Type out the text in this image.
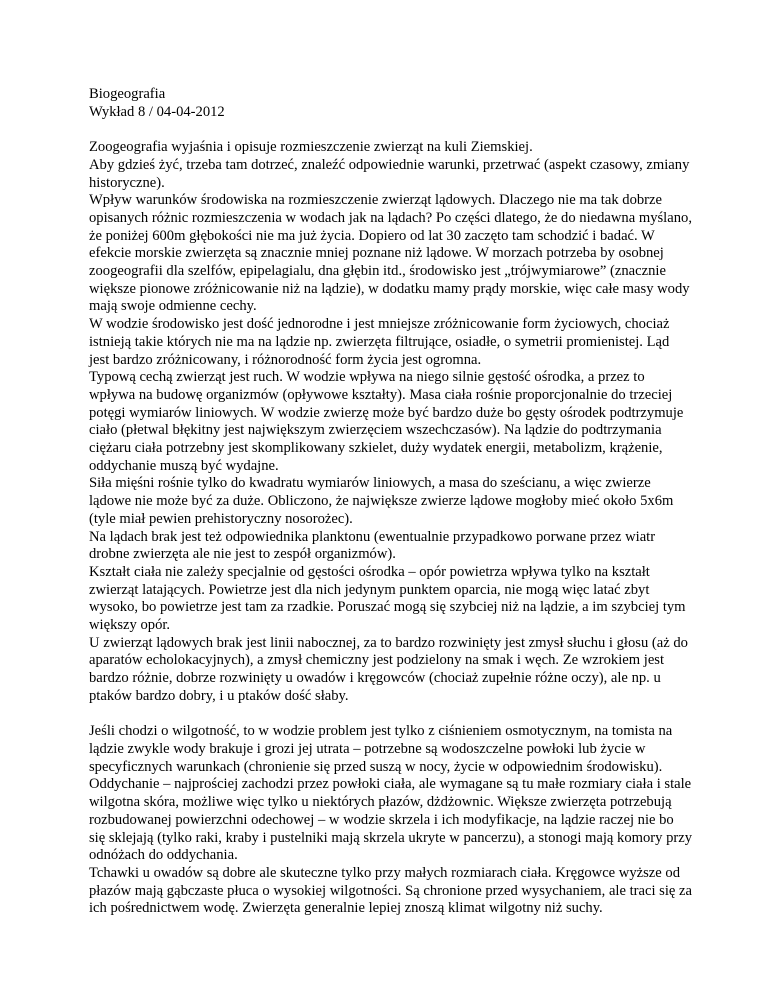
Biogeografia

Wykład 8 / 04-04-2012

Zoogeografia wyjaśnia i opisuje rozmieszczenie zwierząt na kuli Ziemskiej.

Aby gdzieś żyć, trzeba tam dotrzeć, znaleźć odpowiednie warunki, przetrwać (aspekt czasowy, zmiany historyczne).

Wpływ warunków środowiska na rozmieszczenie zwierząt lądowych. Dlaczego nie ma tak dobrze opisanych różnic rozmieszczenia w wodach jak na lądach? Po części dlatego, że do niedawna myślano, że poniżej 600m głębokości nie ma już życia. Dopiero od lat 30 zaczęto tam schodzić i badać. W efekcie morskie zwierzęta są znacznie mniej poznane niż lądowe. W morzach potrzeba by osobnej zoogeografii dla szelfów, epipelagialu, dna głębin itd., środowisko jest „trójwymiarowe” (znacznie większe pionowe zróżnicowanie niż na lądzie), w dodatku mamy prądy morskie, więc całe masy wody mają swoje odmienne cechy.

W wodzie środowisko jest dość jednorodne i jest mniejsze zróżnicowanie form życiowych, chociaż istnieją takie których nie ma na lądzie np. zwierzęta filtrujące, osiadłe, o symetrii promienistej. Ląd jest bardzo zróżnicowany, i różnorodność form życia jest ogromna.

Typową cechą zwierząt jest ruch. W wodzie wpływa na niego silnie gęstość ośrodka, a przez to wpływa na budowę organizmów (opływowe kształty). Masa ciała rośnie proporcjonalnie do trzeciej potęgi wymiarów liniowych. W wodzie zwierzę może być bardzo duże bo gęsty ośrodek podtrzymuje ciało (płetwal błękitny jest największym zwierzęciem wszechczasów). Na lądzie do podtrzymania ciężaru ciała potrzebny jest skomplikowany szkielet, duży wydatek energii, metabolizm, krążenie, oddychanie muszą być wydajne.

Siła mięśni rośnie tylko do kwadratu wymiarów liniowych, a masa do sześcianu, a więc zwierze lądowe nie może być za duże. Obliczono, że największe zwierze lądowe mogłoby mieć około 5x6m (tyle miał pewien prehistoryczny nosorożec).

Na lądach brak jest też odpowiednika planktonu (ewentualnie przypadkowo porwane przez wiatr drobne zwierzęta ale nie jest to zespół organizmów).

Kształt ciała nie zależy specjalnie od gęstości ośrodka – opór powietrza wpływa tylko na kształt zwierząt latających. Powietrze jest dla nich jedynym punktem oparcia, nie mogą więc latać zbyt wysoko, bo powietrze jest tam za rzadkie. Poruszać mogą się szybciej niż na lądzie, a im szybciej tym większy opór.

U zwierząt lądowych brak jest linii nabocznej, za to bardzo rozwinięty jest zmysł słuchu i głosu (aż do aparatów echolokacyjnych), a zmysł chemiczny jest podzielony na smak i węch. Ze wzrokiem jest bardzo różnie, dobrze rozwinięty u owadów i kręgowców (chociaż zupełnie różne oczy), ale np. u ptaków bardzo dobry, i u ptaków dość słaby.

Jeśli chodzi o wilgotność, to w wodzie problem jest tylko z ciśnieniem osmotycznym, na tomista na lądzie zwykle wody brakuje i grozi jej utrata – potrzebne są wodoszczelne powłoki lub życie w specyficznych warunkach (chronienie się przed suszą w nocy, życie w odpowiednim środowisku).

Oddychanie – najprościej zachodzi przez powłoki ciała, ale wymagane są tu małe rozmiary ciała i stale wilgotna skóra, możliwe więc tylko u niektórych płazów, dżdżownic. Większe zwierzęta potrzebują rozbudowanej powierzchni odechowej – w wodzie skrzela i ich modyfikacje, na lądzie raczej nie bo się sklejają (tylko raki, kraby i pustelniki mają skrzela ukryte w pancerzu), a stonogi mają komory przy odnóżach do oddychania.

Tchawki u owadów są dobre ale skuteczne tylko przy małych rozmiarach ciała. Kręgowce wyższe od płazów mają gąbczaste płuca o wysokiej wilgotności. Są chronione przed wysychaniem, ale traci się za ich pośrednictwem wodę. Zwierzęta generalnie lepiej znoszą klimat wilgotny niż suchy.
